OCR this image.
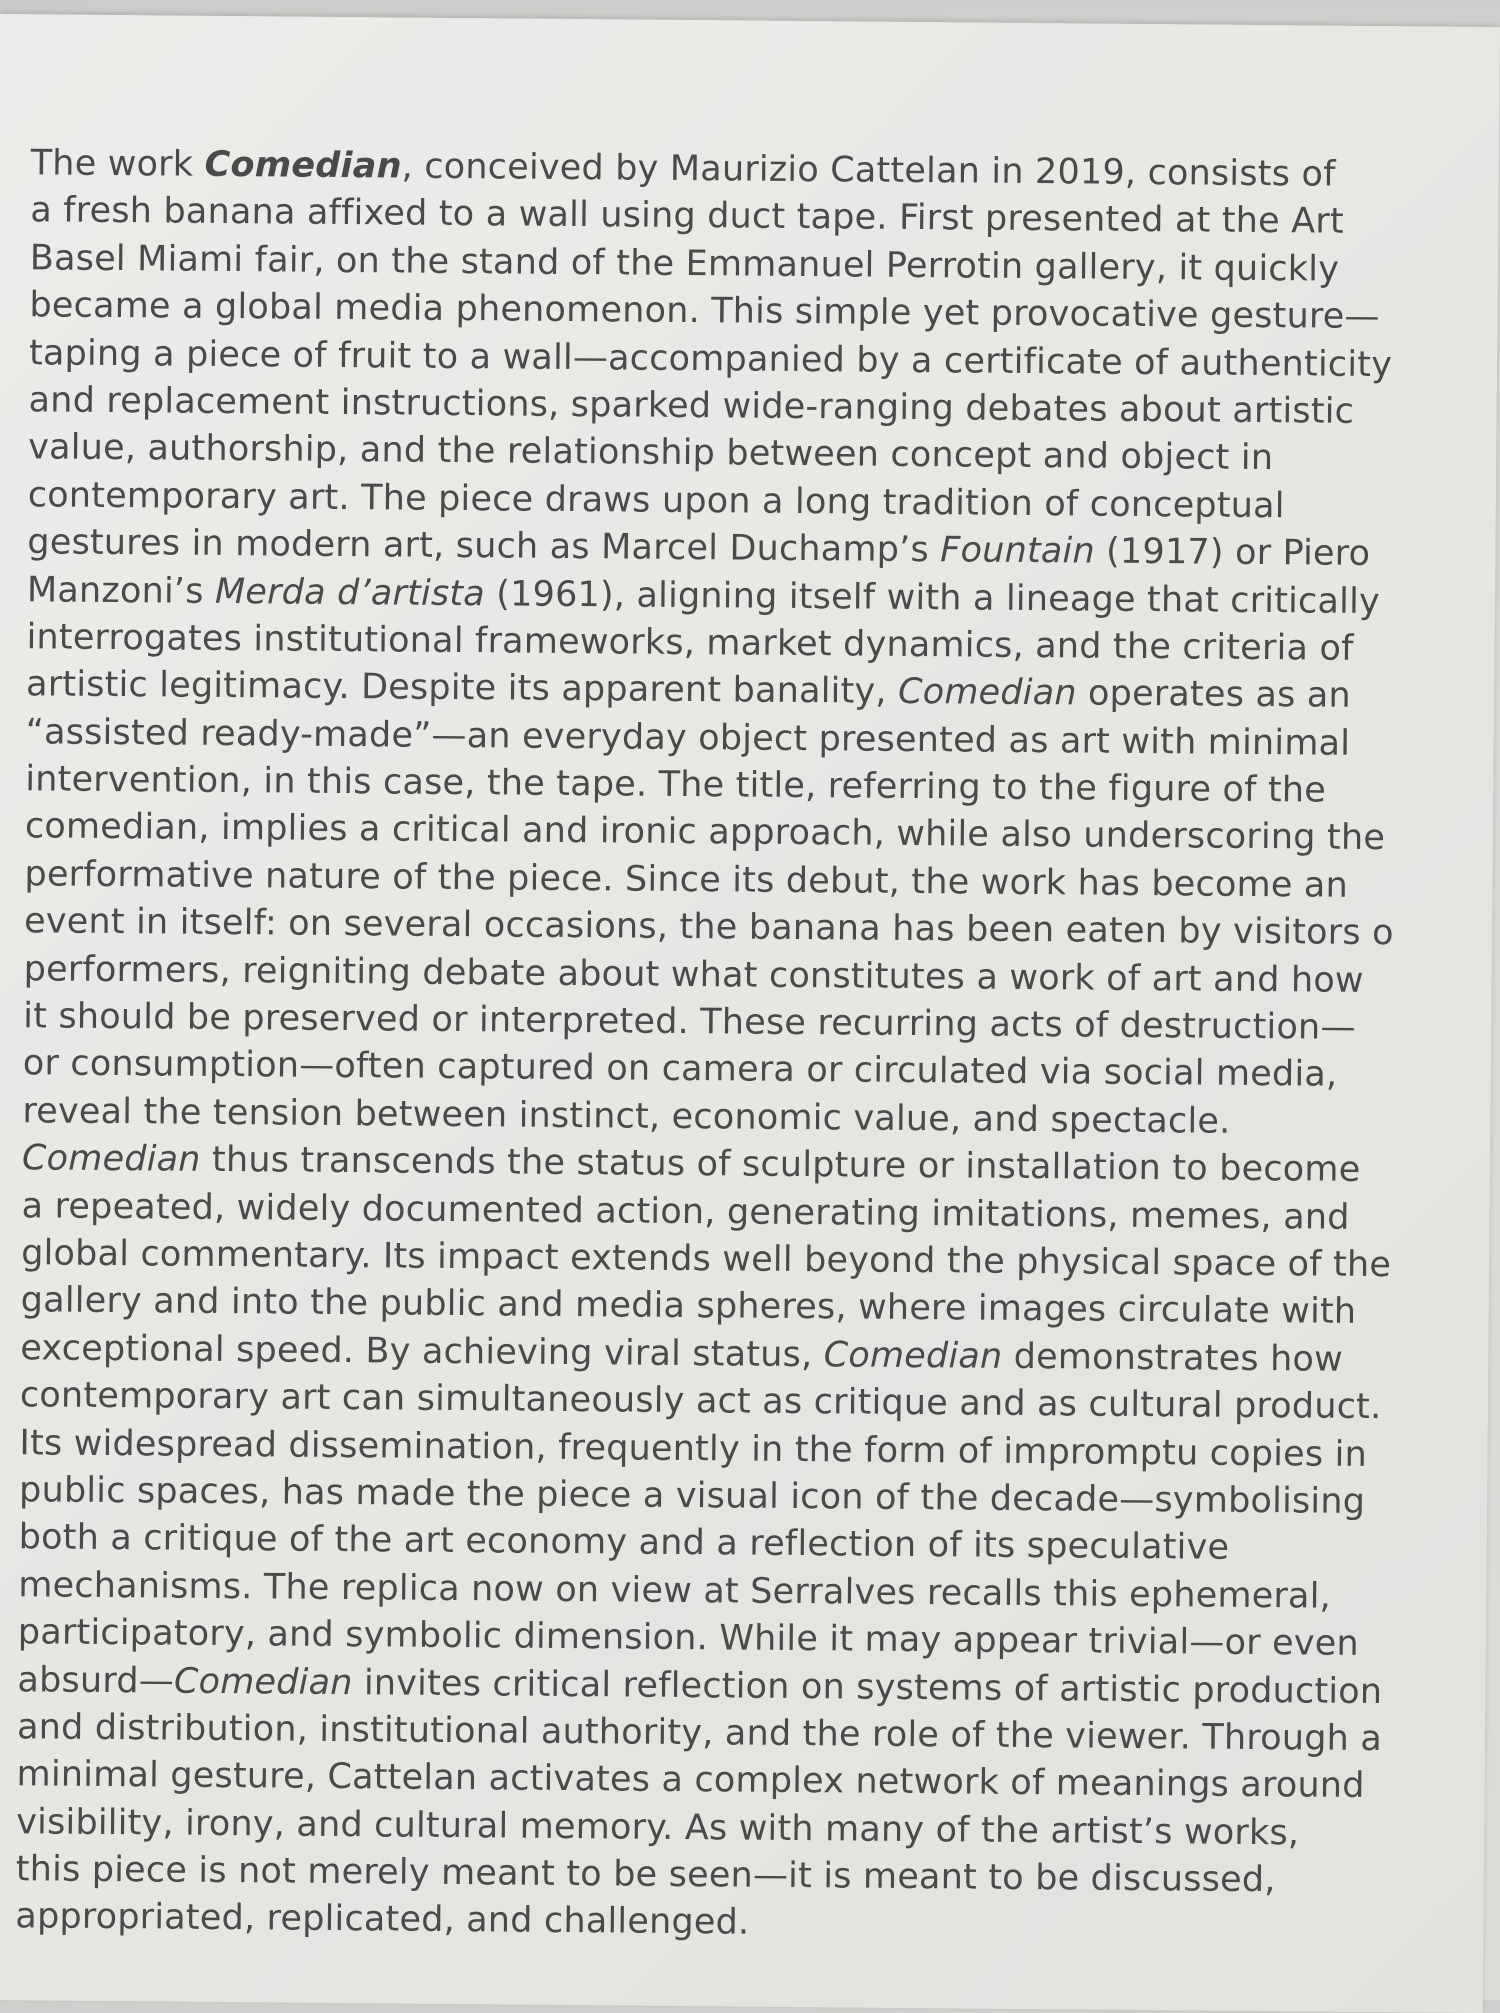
The work Comedian, conceived by Maurizio Cattelan in 2019, consists of
a fresh banana affixed to a wall using duct tape. First presented at the Art
Basel Miami fair, on the stand of the Emmanuel Perrotin gallery, it quickly
became a global media phenomenon. This simple yet provocative gesture—
taping a piece of fruit to a wall—accompanied by a certificate of authenticity
and replacement instructions, sparked wide-ranging debates about artistic
value, authorship, and the relationship between concept and object in
contemporary art. The piece draws upon a long tradition of conceptual
gestures in modern art, such as Marcel Duchamp’s Fountain (1917) or Piero
Manzoni’s Merda d’artista (1961), aligning itself with a lineage that critically
interrogates institutional frameworks, market dynamics, and the criteria of
artistic legitimacy. Despite its apparent banality, Comedian operates as an
“assisted ready-made”—an everyday object presented as art with minimal
intervention, in this case, the tape. The title, referring to the figure of the
comedian, implies a critical and ironic approach, while also underscoring the
performative nature of the piece. Since its debut, the work has become an
event in itself: on several occasions, the banana has been eaten by visitors o
performers, reigniting debate about what constitutes a work of art and how
it should be preserved or interpreted. These recurring acts of destruction—
or consumption—often captured on camera or circulated via social media,
reveal the tension between instinct, economic value, and spectacle.
Comedian thus transcends the status of sculpture or installation to become
a repeated, widely documented action, generating imitations, memes, and
global commentary. Its impact extends well beyond the physical space of the
gallery and into the public and media spheres, where images circulate with
exceptional speed. By achieving viral status, Comedian demonstrates how
contemporary art can simultaneously act as critique and as cultural product.
Its widespread dissemination, frequently in the form of impromptu copies in
public spaces, has made the piece a visual icon of the decade—symbolising
both a critique of the art economy and a reflection of its speculative
mechanisms. The replica now on view at Serralves recalls this ephemeral,
participatory, and symbolic dimension. While it may appear trivial—or even
absurd—Comedian invites critical reflection on systems of artistic production
and distribution, institutional authority, and the role of the viewer. Through a
minimal gesture, Cattelan activates a complex network of meanings around
visibility, irony, and cultural memory. As with many of the artist’s works,
this piece is not merely meant to be seen—it is meant to be discussed,
appropriated, replicated, and challenged.
